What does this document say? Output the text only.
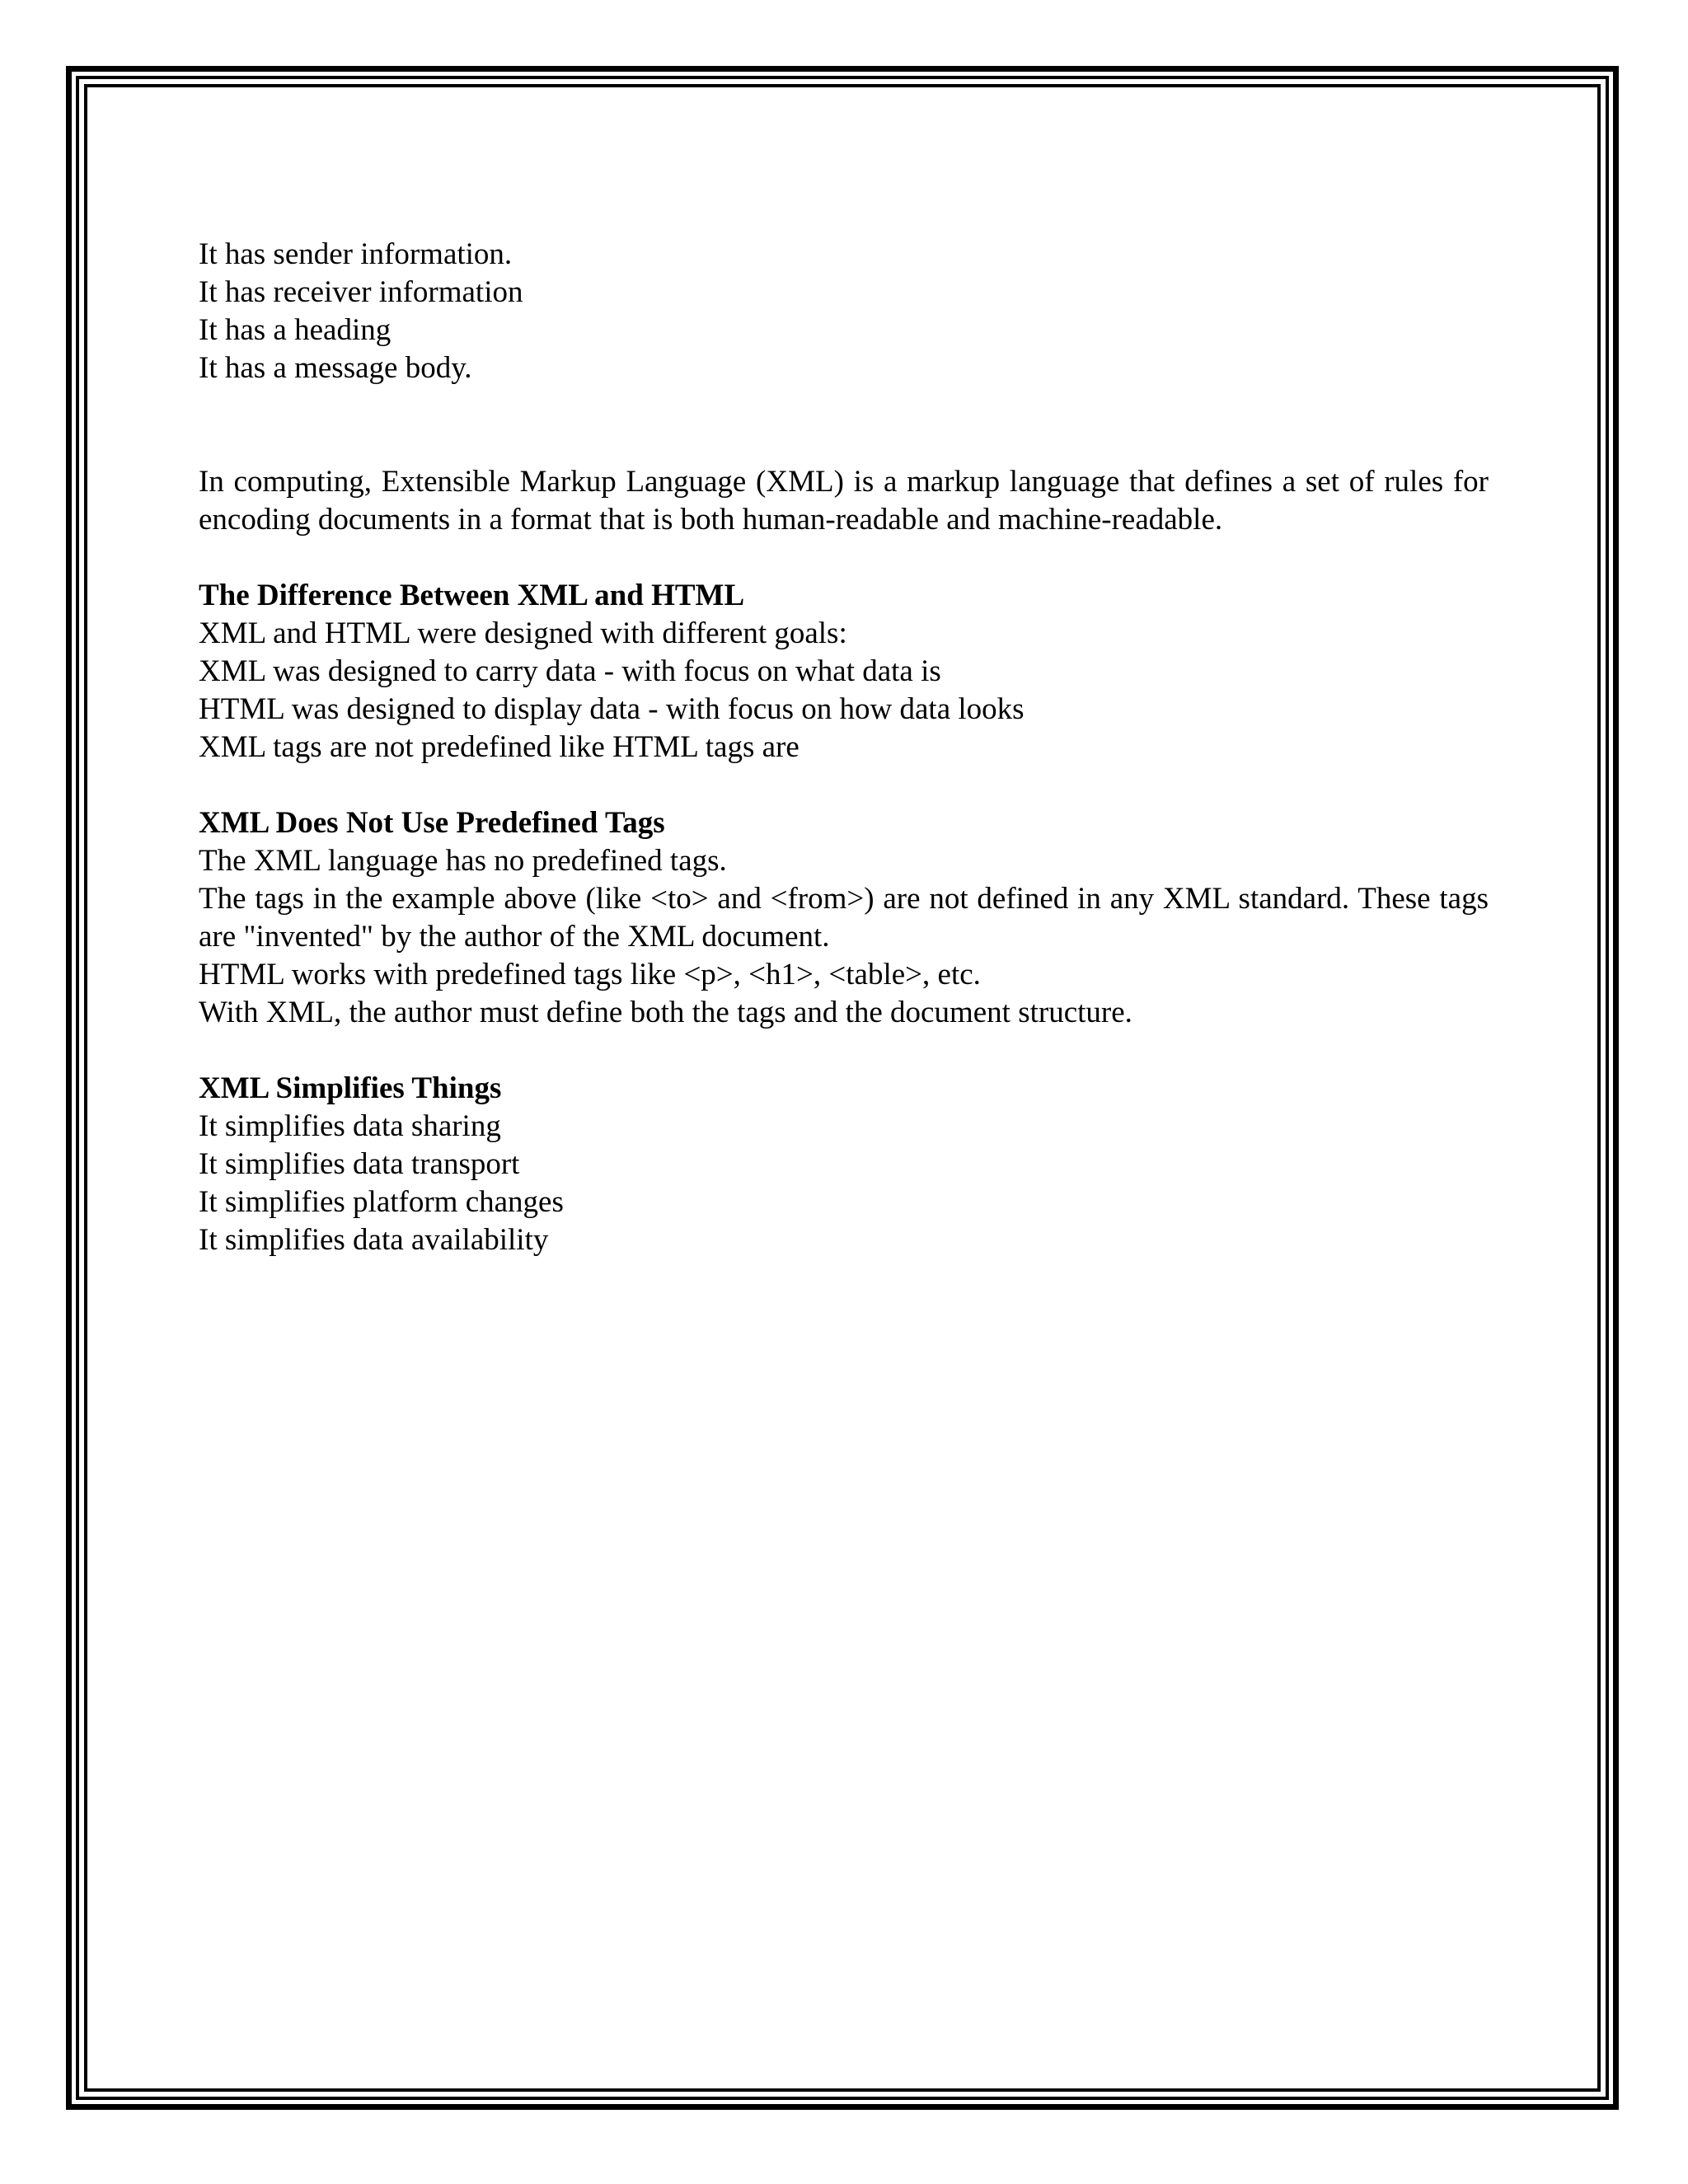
It has sender information.
It has receiver information
It has a heading
It has a message body.

In computing, Extensible Markup Language (XML) is a markup language that defines a set of rules for encoding documents in a format that is both human-readable and machine-readable.

The Difference Between XML and HTML
XML and HTML were designed with different goals:
XML was designed to carry data - with focus on what data is
HTML was designed to display data - with focus on how data looks
XML tags are not predefined like HTML tags are
XML Does Not Use Predefined Tags
The XML language has no predefined tags.

The tags in the example above (like <to> and <from>) are not defined in any XML standard. These tags are "invented" by the author of the XML document.

HTML works with predefined tags like <p>, <h1>, <table>, etc.
With XML, the author must define both the tags and the document structure.
XML Simplifies Things
It simplifies data sharing
It simplifies data transport
It simplifies platform changes
It simplifies data availability
